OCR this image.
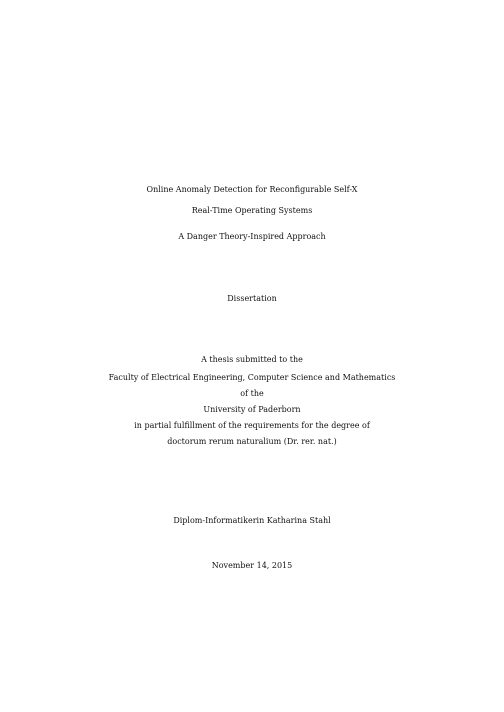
Online Anomaly Detection for Reconfigurable Self-X
Real-Time Operating Systems
A Danger Theory-Inspired Approach
Dissertation
A thesis submitted to the
Faculty of Electrical Engineering, Computer Science and Mathematics
of the
University of Paderborn
in partial fulfillment of the requirements for the degree of
doctorum rerum naturalium (Dr. rer. nat.)
Diplom-Informatikerin Katharina Stahl
November 14, 2015
